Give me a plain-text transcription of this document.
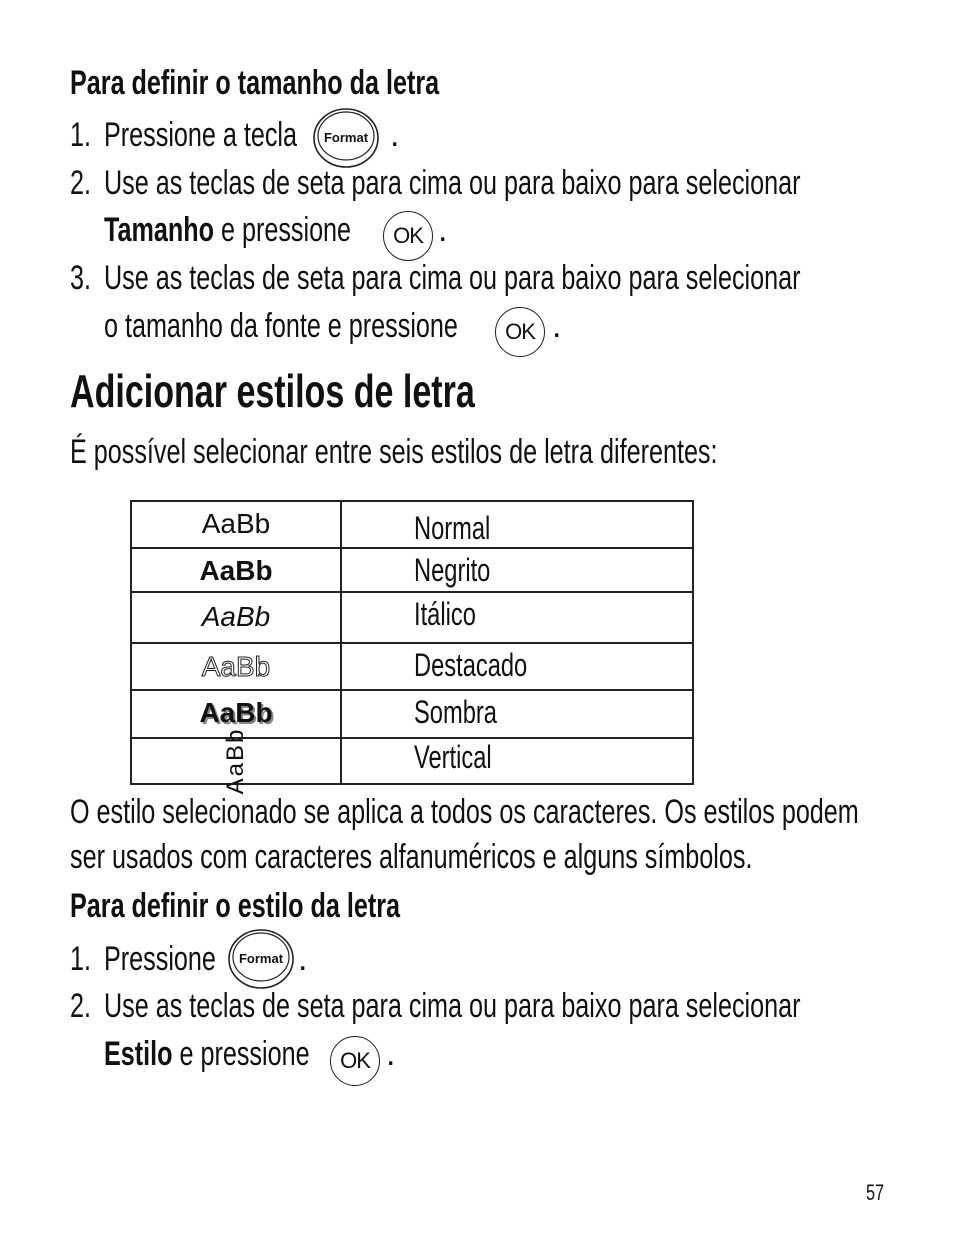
Para definir o tamanho da letra
1. Pressione a tecla	Format .
2. Use as teclas de seta para cima ou para baixo para selecionar
Tamanho e pressione	OK .
3. Use as teclas de seta para cima ou para baixo para selecionar
o tamanho da fonte e pressione	OK .
Adicionar estilos de letra
É possível selecionar entre seis estilos de letra diferentes:
AaBb	Normal

AaBb	Negrito

AaBb	Itálico

AaBb	Destacado

AaBb	Sombra

AaBb	Vertical
O estilo selecionado se aplica a todos os caracteres. Os estilos podem
ser usados com caracteres alfanuméricos e alguns símbolos.
Para definir o estilo da letra
1. Pressione	Format .
2. Use as teclas de seta para cima ou para baixo para selecionar
Estilo e pressione	OK .
57
